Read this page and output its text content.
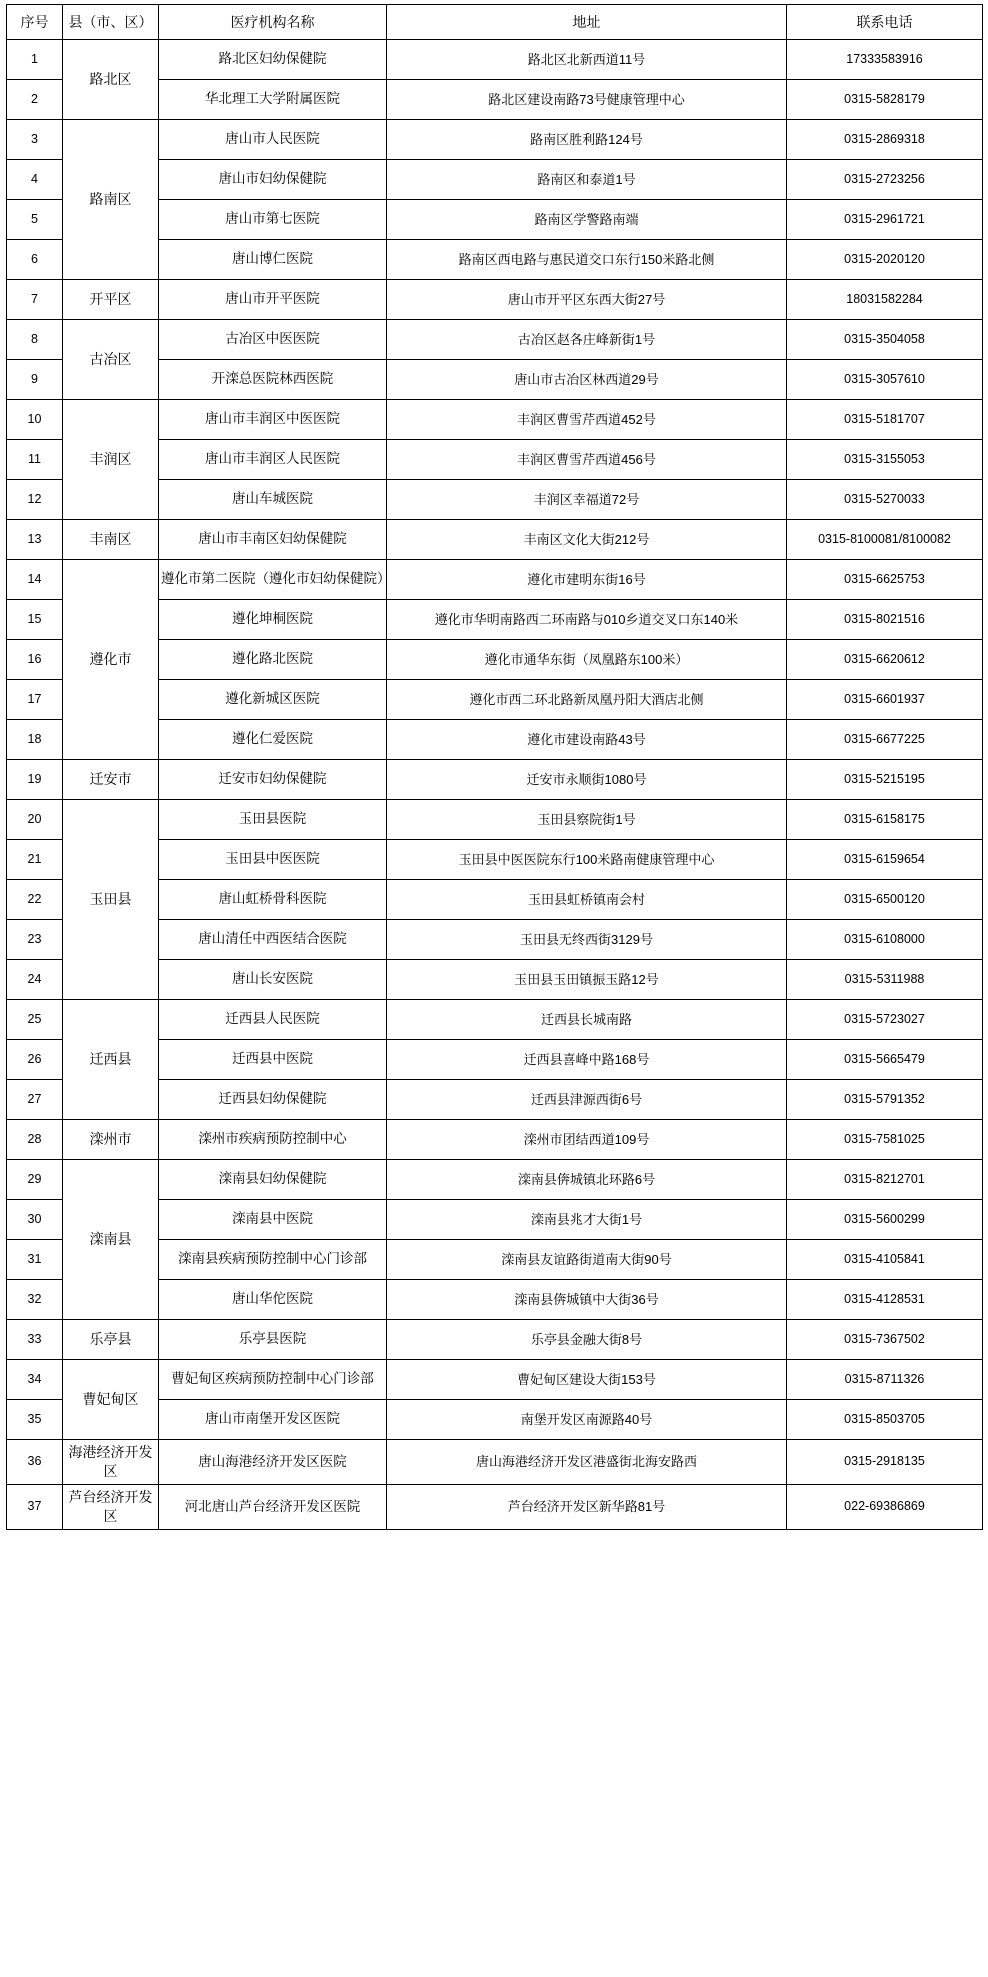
序号	县（市、区）	医疗机构名称	地址	联系电话
1	路北区	路北区妇幼保健院	路北区北新西道11号	17333583916
2		华北理工大学附属医院	路北区建设南路73号健康管理中心	0315-5828179
3	路南区	唐山市人民医院	路南区胜利路124号	0315-2869318
4		唐山市妇幼保健院	路南区和泰道1号	0315-2723256
5		唐山市第七医院	路南区学警路南端	0315-2961721
6		唐山博仁医院	路南区西电路与惠民道交口东行150米路北侧	0315-2020120
7	开平区	唐山市开平医院	唐山市开平区东西大街27号	18031582284
8	古冶区	古冶区中医医院	古冶区赵各庄峰新街1号	0315-3504058
9		开滦总医院林西医院	唐山市古冶区林西道29号	0315-3057610
10	丰润区	唐山市丰润区中医医院	丰润区曹雪芹西道452号	0315-5181707
11		唐山市丰润区人民医院	丰润区曹雪芹西道456号	0315-3155053
12		唐山车城医院	丰润区幸福道72号	0315-5270033
13	丰南区	唐山市丰南区妇幼保健院	丰南区文化大街212号	0315-8100081/8100082
14	遵化市	遵化市第二医院（遵化市妇幼保健院）	遵化市建明东街16号	0315-6625753
15		遵化坤桐医院	遵化市华明南路西二环南路与010乡道交叉口东140米	0315-8021516
16		遵化路北医院	遵化市通华东街（凤凰路东100米）	0315-6620612
17		遵化新城区医院	遵化市西二环北路新凤凰丹阳大酒店北侧	0315-6601937
18		遵化仁爱医院	遵化市建设南路43号	0315-6677225
19	迁安市	迁安市妇幼保健院	迁安市永顺街1080号	0315-5215195
20	玉田县	玉田县医院	玉田县察院街1号	0315-6158175
21		玉田县中医医院	玉田县中医医院东行100米路南健康管理中心	0315-6159654
22		唐山虹桥骨科医院	玉田县虹桥镇南会村	0315-6500120
23		唐山清任中西医结合医院	玉田县无终西街3129号	0315-6108000
24		唐山长安医院	玉田县玉田镇振玉路12号	0315-5311988
25	迁西县	迁西县人民医院	迁西县长城南路	0315-5723027
26		迁西县中医院	迁西县喜峰中路168号	0315-5665479
27		迁西县妇幼保健院	迁西县津源西街6号	0315-5791352
28	滦州市	滦州市疾病预防控制中心	滦州市团结西道109号	0315-7581025
29	滦南县	滦南县妇幼保健院	滦南县倴城镇北环路6号	0315-8212701
30		滦南县中医院	滦南县兆才大街1号	0315-5600299
31		滦南县疾病预防控制中心门诊部	滦南县友谊路街道南大街90号	0315-4105841
32		唐山华佗医院	滦南县倴城镇中大街36号	0315-4128531
33	乐亭县	乐亭县医院	乐亭县金融大街8号	0315-7367502
34	曹妃甸区	曹妃甸区疾病预防控制中心门诊部	曹妃甸区建设大街153号	0315-8711326
35		唐山市南堡开发区医院	南堡开发区南源路40号	0315-8503705
36	海港经济开发区	唐山海港经济开发区医院	唐山海港经济开发区港盛街北海安路西	0315-2918135
37	芦台经济开发区	河北唐山芦台经济开发区医院	芦台经济开发区新华路81号	022-69386869
